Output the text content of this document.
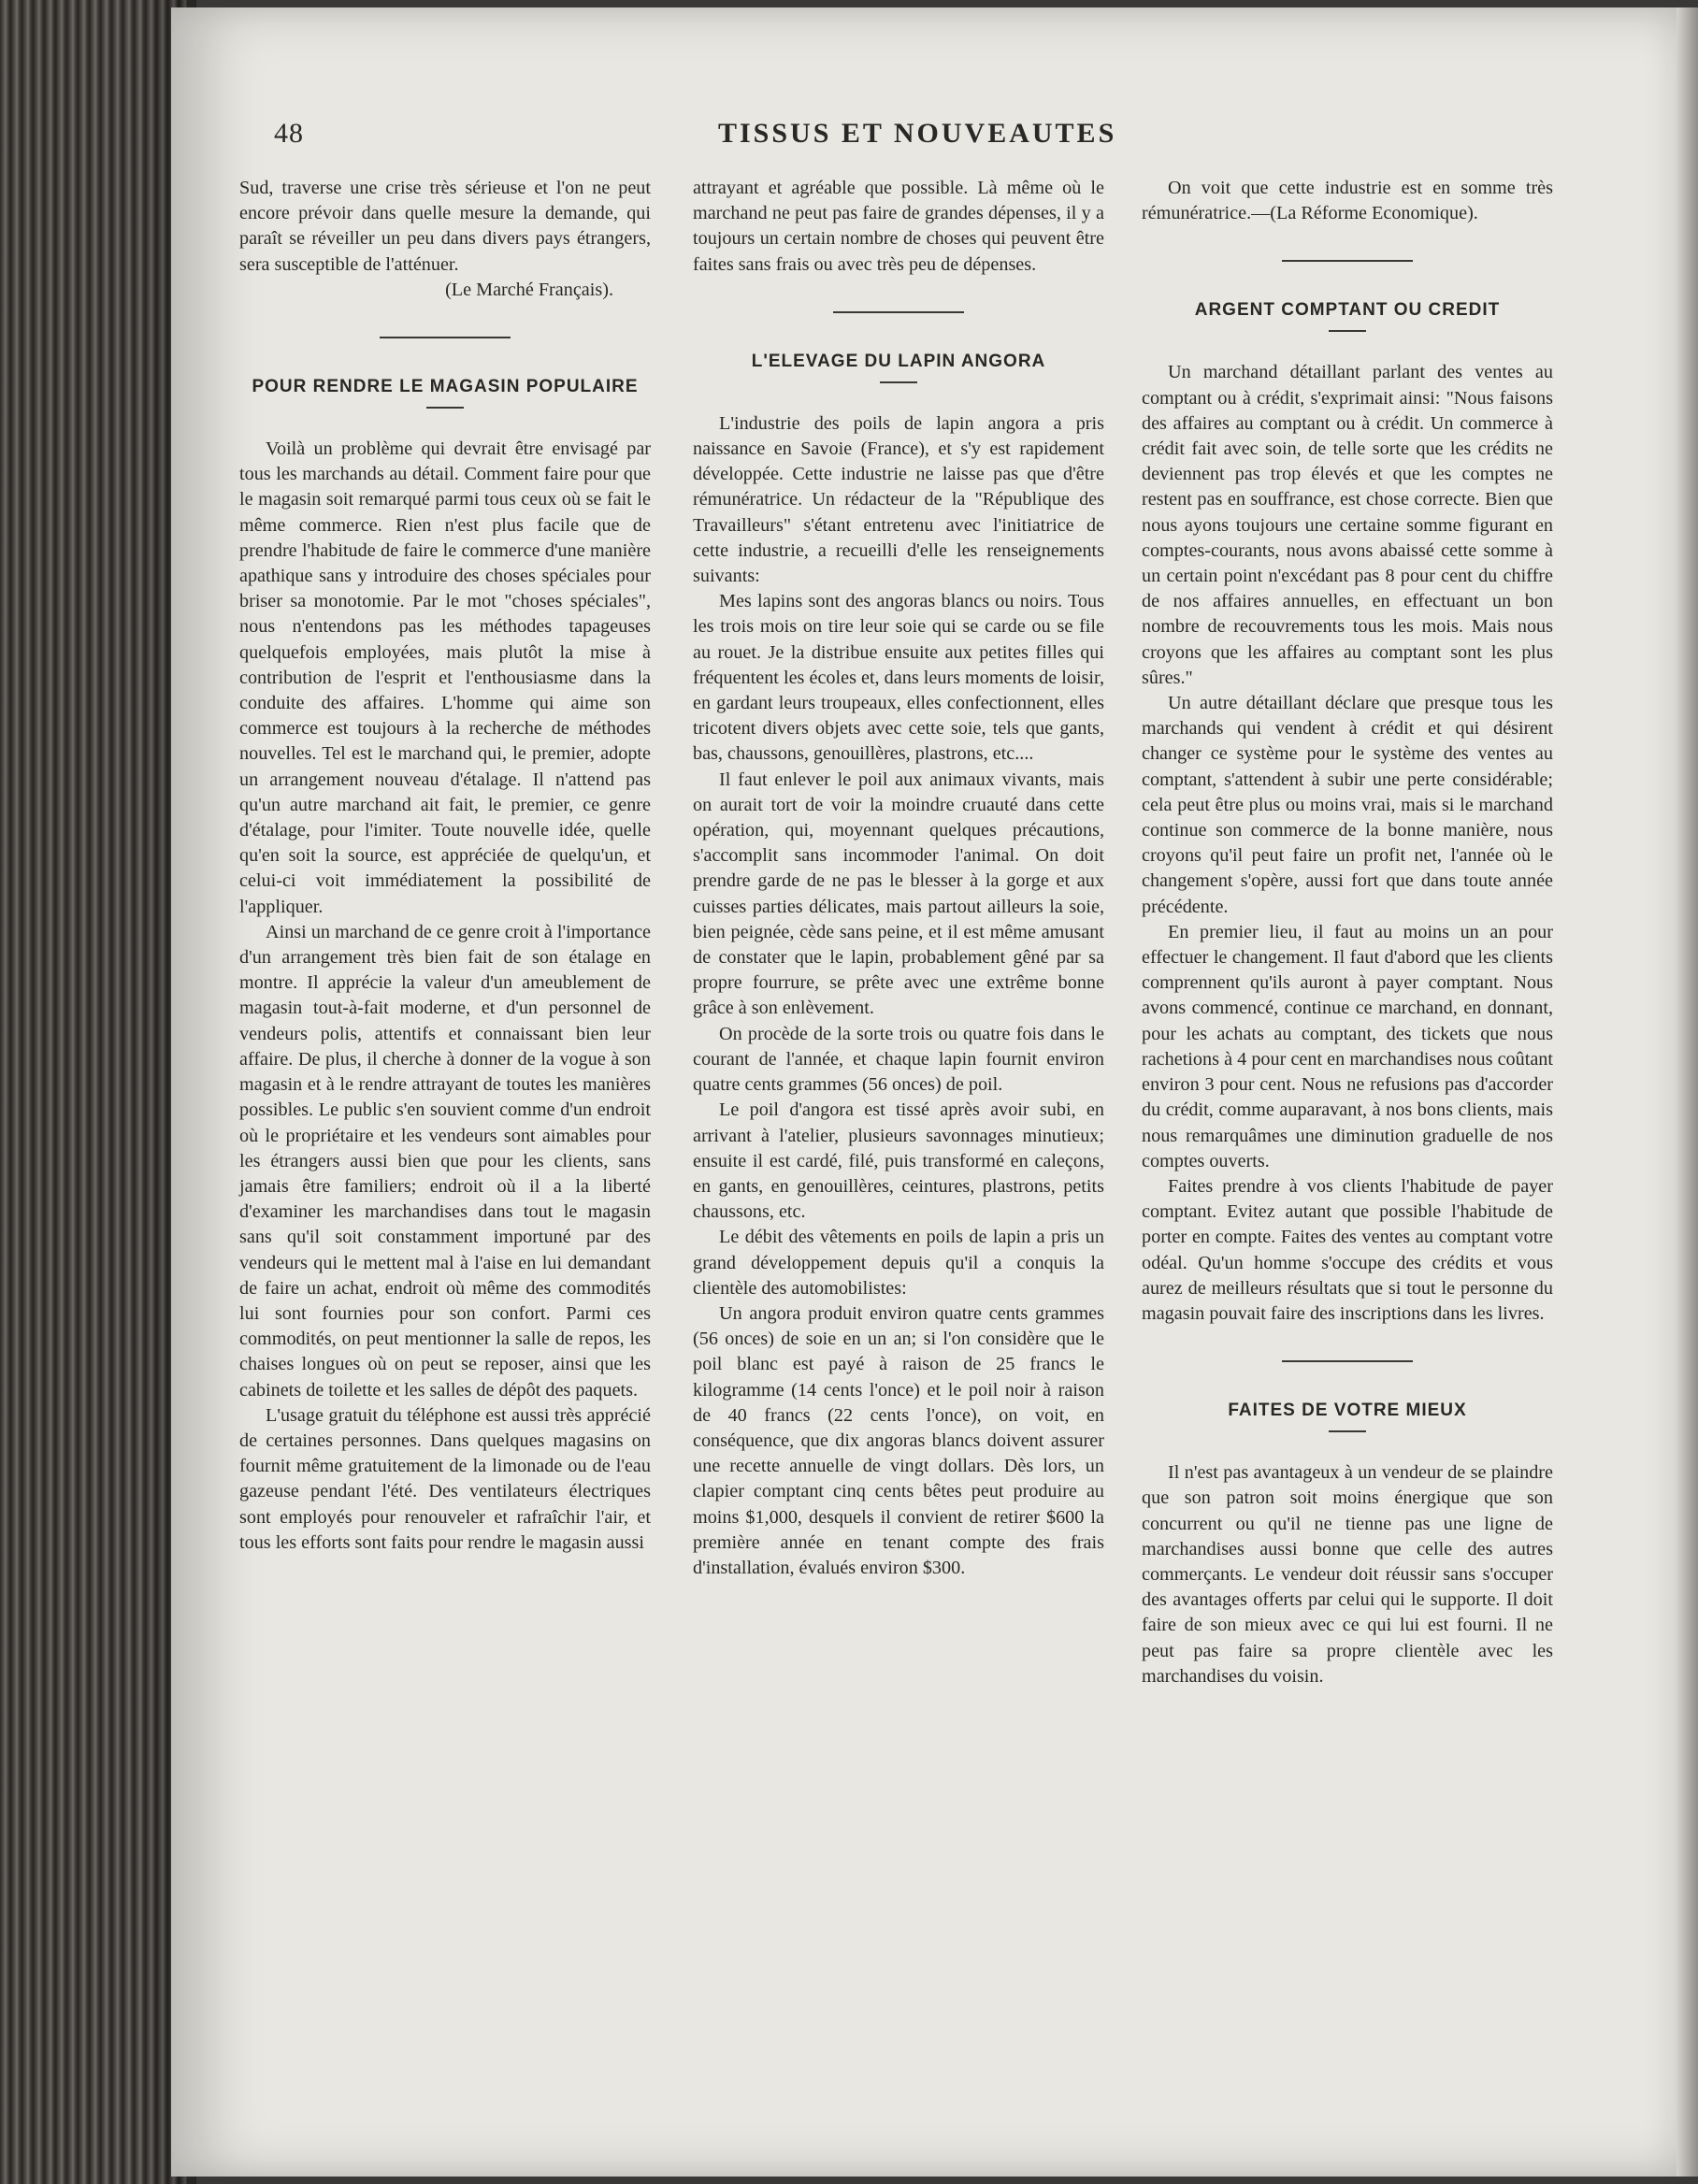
48	TISSUS ET NOUVEAUTES

Sud, traverse une crise très sérieuse et l'on ne peut encore prévoir dans quelle mesure la demande, qui paraît se réveiller un peu dans divers pays étrangers, sera susceptible de l'atténuer.

(Le Marché Français).

POUR RENDRE LE MAGASIN POPULAIRE

Voilà un problème qui devrait être envisagé par tous les marchands au détail. Comment faire pour que le magasin soit remarqué parmi tous ceux où se fait le même commerce. Rien n'est plus facile que de prendre l'habitude de faire le commerce d'une manière apathique sans y introduire des choses spéciales pour briser sa monotomie. Par le mot "choses spéciales", nous n'entendons pas les méthodes tapageuses quelquefois employées, mais plutôt la mise à contribution de l'esprit et l'enthousiasme dans la conduite des affaires. L'homme qui aime son commerce est toujours à la recherche de méthodes nouvelles. Tel est le marchand qui, le premier, adopte un arrangement nouveau d'étalage. Il n'attend pas qu'un autre marchand ait fait, le premier, ce genre d'étalage, pour l'imiter. Toute nouvelle idée, quelle qu'en soit la source, est appréciée de quelqu'un, et celui-ci voit immédiatement la possibilité de l'appliquer.

Ainsi un marchand de ce genre croit à l'importance d'un arrangement très bien fait de son étalage en montre. Il apprécie la valeur d'un ameublement de magasin tout-à-fait moderne, et d'un personnel de vendeurs polis, attentifs et connaissant bien leur affaire. De plus, il cherche à donner de la vogue à son magasin et à le rendre attrayant de toutes les manières possibles. Le public s'en souvient comme d'un endroit où le propriétaire et les vendeurs sont aimables pour les étrangers aussi bien que pour les clients, sans jamais être familiers; endroit où il a la liberté d'examiner les marchandises dans tout le magasin sans qu'il soit constamment importuné par des vendeurs qui le mettent mal à l'aise en lui demandant de faire un achat, endroit où même des commodités lui sont fournies pour son confort. Parmi ces commodités, on peut mentionner la salle de repos, les chaises longues où on peut se reposer, ainsi que les cabinets de toilette et les salles de dépôt des paquets.

L'usage gratuit du téléphone est aussi très apprécié de certaines personnes. Dans quelques magasins on fournit même gratuitement de la limonade ou de l'eau gazeuse pendant l'été. Des ventilateurs électriques sont employés pour renouveler et rafraîchir l'air, et tous les efforts sont faits pour rendre le magasin aussi

attrayant et agréable que possible. Là même où le marchand ne peut pas faire de grandes dépenses, il y a toujours un certain nombre de choses qui peuvent être faites sans frais ou avec très peu de dépenses.

L'ELEVAGE DU LAPIN ANGORA

L'industrie des poils de lapin angora a pris naissance en Savoie (France), et s'y est rapidement développée. Cette industrie ne laisse pas que d'être rémunératrice. Un rédacteur de la "République des Travailleurs" s'étant entretenu avec l'initiatrice de cette industrie, a recueilli d'elle les renseignements suivants:

Mes lapins sont des angoras blancs ou noirs. Tous les trois mois on tire leur soie qui se carde ou se file au rouet. Je la distribue ensuite aux petites filles qui fréquentent les écoles et, dans leurs moments de loisir, en gardant leurs troupeaux, elles confectionnent, elles tricotent divers objets avec cette soie, tels que gants, bas, chaussons, genouillères, plastrons, etc....

Il faut enlever le poil aux animaux vivants, mais on aurait tort de voir la moindre cruauté dans cette opération, qui, moyennant quelques précautions, s'accomplit sans incommoder l'animal. On doit prendre garde de ne pas le blesser à la gorge et aux cuisses parties délicates, mais partout ailleurs la soie, bien peignée, cède sans peine, et il est même amusant de constater que le lapin, probablement gêné par sa propre fourrure, se prête avec une extrême bonne grâce à son enlèvement.

On procède de la sorte trois ou quatre fois dans le courant de l'année, et chaque lapin fournit environ quatre cents grammes (56 onces) de poil.

Le poil d'angora est tissé après avoir subi, en arrivant à l'atelier, plusieurs savonnages minutieux; ensuite il est cardé, filé, puis transformé en caleçons, en gants, en genouillères, ceintures, plastrons, petits chaussons, etc.

Le débit des vêtements en poils de lapin a pris un grand développement depuis qu'il a conquis la clientèle des automobilistes:

Un angora produit environ quatre cents grammes (56 onces) de soie en un an; si l'on considère que le poil blanc est payé à raison de 25 francs le kilogramme (14 cents l'once) et le poil noir à raison de 40 francs (22 cents l'once), on voit, en conséquence, que dix angoras blancs doivent assurer une recette annuelle de vingt dollars. Dès lors, un clapier comptant cinq cents bêtes peut produire au moins $1,000, desquels il convient de retirer $600 la première année en tenant compte des frais d'installation, évalués environ $300.

On voit que cette industrie est en somme très rémunératrice.—(La Réforme Economique).

ARGENT COMPTANT OU CREDIT

Un marchand détaillant parlant des ventes au comptant ou à crédit, s'exprimait ainsi: "Nous faisons des affaires au comptant ou à crédit. Un commerce à crédit fait avec soin, de telle sorte que les crédits ne deviennent pas trop élevés et que les comptes ne restent pas en souffrance, est chose correcte. Bien que nous ayons toujours une certaine somme figurant en comptes-courants, nous avons abaissé cette somme à un certain point n'excédant pas 8 pour cent du chiffre de nos affaires annuelles, en effectuant un bon nombre de recouvrements tous les mois. Mais nous croyons que les affaires au comptant sont les plus sûres."

Un autre détaillant déclare que presque tous les marchands qui vendent à crédit et qui désirent changer ce système pour le système des ventes au comptant, s'attendent à subir une perte considérable; cela peut être plus ou moins vrai, mais si le marchand continue son commerce de la bonne manière, nous croyons qu'il peut faire un profit net, l'année où le changement s'opère, aussi fort que dans toute année précédente.

En premier lieu, il faut au moins un an pour effectuer le changement. Il faut d'abord que les clients comprennent qu'ils auront à payer comptant. Nous avons commencé, continue ce marchand, en donnant, pour les achats au comptant, des tickets que nous rachetions à 4 pour cent en marchandises nous coûtant environ 3 pour cent. Nous ne refusions pas d'accorder du crédit, comme auparavant, à nos bons clients, mais nous remarquâmes une diminution graduelle de nos comptes ouverts.

Faites prendre à vos clients l'habitude de payer comptant. Evitez autant que possible l'habitude de porter en compte. Faites des ventes au comptant votre odéal. Qu'un homme s'occupe des crédits et vous aurez de meilleurs résultats que si tout le personne du magasin pouvait faire des inscriptions dans les livres.

FAITES DE VOTRE MIEUX

Il n'est pas avantageux à un vendeur de se plaindre que son patron soit moins énergique que son concurrent ou qu'il ne tienne pas une ligne de marchandises aussi bonne que celle des autres commerçants. Le vendeur doit réussir sans s'occuper des avantages offerts par celui qui le supporte. Il doit faire de son mieux avec ce qui lui est fourni. Il ne peut pas faire sa propre clientèle avec les marchandises du voisin.
